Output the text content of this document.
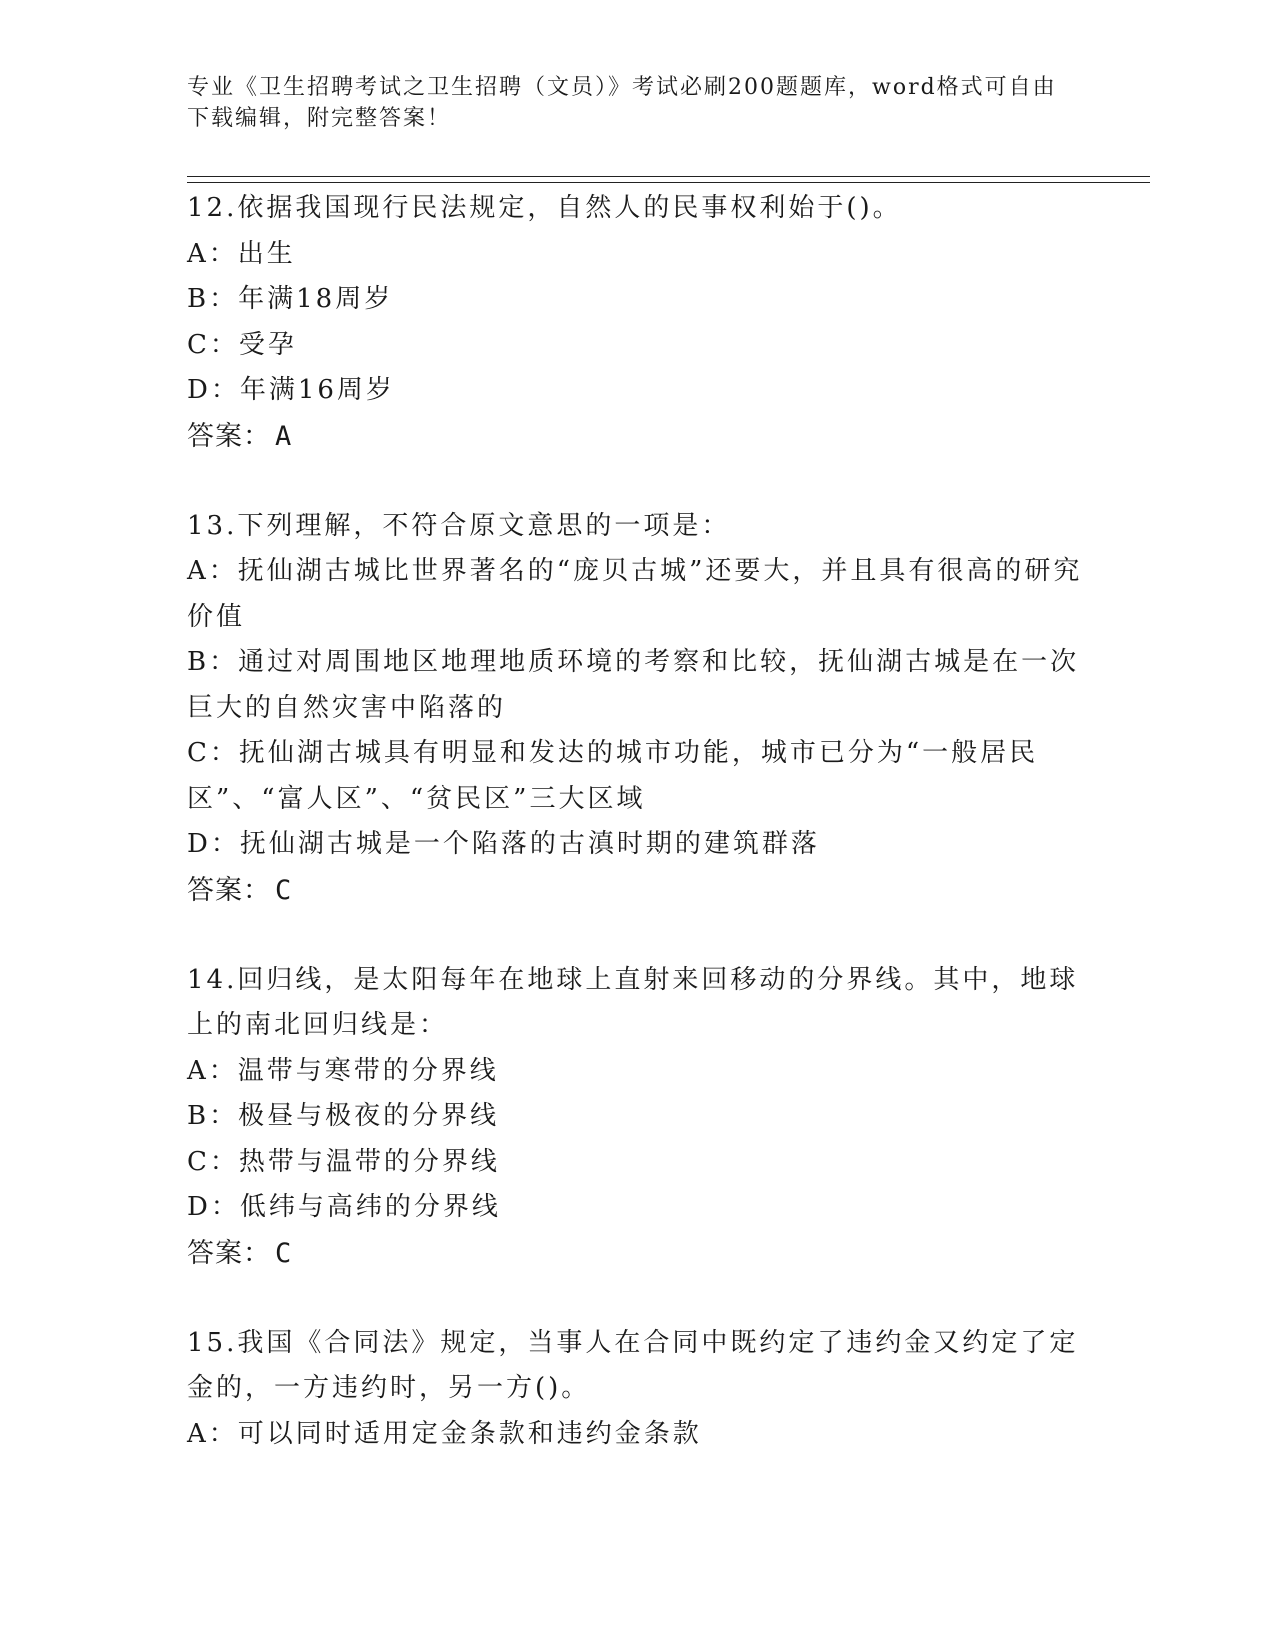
专业《卫生招聘考试之卫生招聘（文员）》考试必刷200题题库，word格式可自由下载编辑，附完整答案！

12.依据我国现行民法规定，自然人的民事权利始于()。

A：出生

B：年满18周岁

C：受孕

D：年满16周岁

答案： A

13.下列理解，不符合原文意思的一项是：

A：抚仙湖古城比世界著名的“庞贝古城”还要大，并且具有很高的研究价值

B：通过对周围地区地理地质环境的考察和比较，抚仙湖古城是在一次巨大的自然灾害中陷落的

C：抚仙湖古城具有明显和发达的城市功能，城市已分为“一般居民区”、“富人区”、“贫民区”三大区域

D：抚仙湖古城是一个陷落的古滇时期的建筑群落

答案： C

14.回归线，是太阳每年在地球上直射来回移动的分界线。其中，地球上的南北回归线是：

A：温带与寒带的分界线

B：极昼与极夜的分界线

C：热带与温带的分界线

D：低纬与高纬的分界线

答案： C

15.我国《合同法》规定，当事人在合同中既约定了违约金又约定了定金的，一方违约时，另一方()。

A：可以同时适用定金条款和违约金条款
